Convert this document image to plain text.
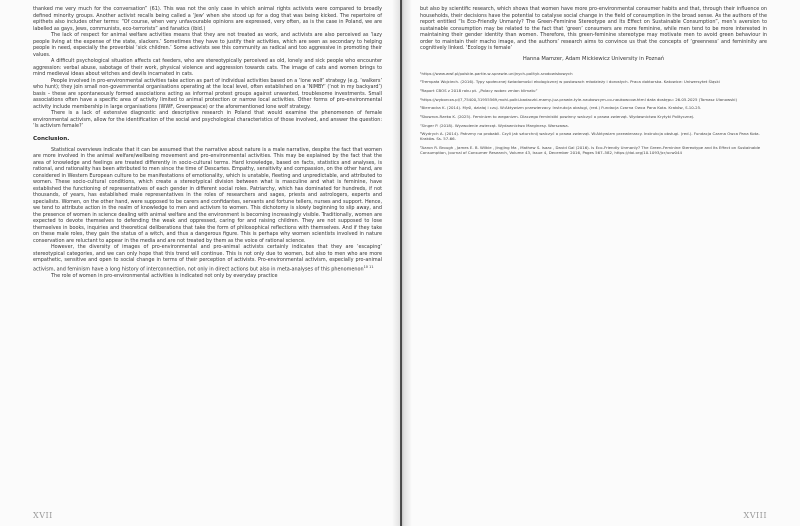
thanked me very much for the conversation” (61). This was not the only case in which animal rights activists were compared to broadly defined minority groups. Another activist recalls being called a ‘Jew’ when she stood up for a dog that was being kicked. The repertoire of epithets also includes other terms: “Of course, when very unfavourable opinions are expressed, very often, as is the case in Poland, we are labelled as gays, Jews, communists, eco-terrorists” and fanatics (ibid.)

The lack of respect for animal welfare activities means that they are not treated as work, and activists are also perceived as ‘lazy people living at the expense of the state, slackers.’ Sometimes they have to justify their activities, which are seen as secondary to helping people in need, especially the proverbial ‘sick children.’ Some activists see this community as radical and too aggressive in promoting their values.

A difficult psychological situation affects cat feeders, who are stereotypically perceived as old, lonely and sick people who encounter aggression: verbal abuse, sabotage of their work, physical violence and aggression towards cats. The image of cats and women brings to mind medieval ideas about witches and devils incarnated in cats.

People involved in pro-environmental activities take action as part of individual activities based on a ‘lone wolf’ strategy (e.g. ‘walkers’ who hunt); they join small non-governmental organisations operating at the local level, often established on a ‘NIMBY’ (‘not in my backyard’) basis – these are spontaneously formed associations acting as informal protest groups against unwanted, troublesome investments. Small associations often have a specific area of activity limited to animal protection or narrow local activities. Other forms of pro-environmental activity include membership in large organisations (WWF, Greenpeace) or the aforementioned lone wolf strategy.

There is a lack of extensive diagnostic and descriptive research in Poland that would examine the phenomenon of female environmental activism, allow for the identification of the social and psychological characteristics of those involved, and answer the question: ‘Is activism female?’

Conclusion.

Statistical overviews indicate that it can be assumed that the narrative about nature is a male narrative, despite the fact that women are more involved in the animal welfare/wellbeing movement and pro-environmental activities. This may be explained by the fact that the area of knowledge and feelings are treated differently in socio-cultural terms. Hard knowledge, based on facts, statistics and analyses, is rational, and rationality has been attributed to men since the time of Descartes. Empathy, sensitivity and compassion, on the other hand, are considered in Western European culture to be manifestations of emotionality, which is unstable, fleeting and unpredictable, and attributed to women. These socio-cultural conditions, which create a stereotypical division between what is masculine and what is feminine, have established the functioning of representatives of each gender in different social roles. Patriarchy, which has dominated for hundreds, if not thousands, of years, has established male representatives in the roles of researchers and sages, priests and astrologers, experts and specialists. Women, on the other hand, were supposed to be carers and confidantes, servants and fortune tellers, nurses and support. Hence, we tend to attribute action in the realm of knowledge to men and activism to women. This dichotomy is slowly beginning to slip away, and the presence of women in science dealing with animal welfare and the environment is becoming increasingly visible. Traditionally, women are expected to devote themselves to defending the weak and oppressed, caring for and raising children. They are not supposed to lose themselves in books, inquiries and theoretical deliberations that take the form of philosophical reflections with themselves. And if they take on these male roles, they gain the status of a witch, and thus a dangerous figure. This is perhaps why women scientists involved in nature conservation are reluctant to appear in the media and are not treated by them as the voice of rational science.

However, the diversity of images of pro-environmental and pro-animal activists certainly indicates that they are ‘escaping’ stereotypical categories, and we can only hope that this trend will continue. This is not only due to women, but also to men who are more empathetic, sensitive and open to social change in terms of their perception of activists. Pro-environmental activism, especially pro-animal activism, and feminism have a long history of interconnection, not only in direct actions but also in meta-analyses of this phenomenon$^{10 11}$

The role of women in pro-environmental activities is indicated not only by everyday practice

XVII

but also by scientific research, which shows that women have more pro-environmental consumer habits and that, through their influence on households, their decisions have the potential to catalyse social change in the field of consumption in the broad sense. As the authors of the report entitled “Is Eco-Friendly Unmanly? The Green-Feminine Stereotype and Its Effect on Sustainable Consumption”, men’s aversion to sustainable consumption may be related to the fact that ‘green’ consumers are more feminine, while men tend to be more interested in maintaining their gender identity than women. Therefore, this green-feminine stereotype may motivate men to avoid green behaviour in order to maintain their macho image, and the authors’ research aims to convince us that the concepts of ‘greenness’ and femininity are cognitively linked. ‘Ecology is female’

Hanna Mamzer, Adam Mickiewicz University in Poznań
¹https://www.wwf.pl/polskie-partie-w-sprawie-unijnych-polityk-srodowiskowych
²Trempała Wojciech. (2016). Typy społecznej świadomości ekologicznej w postawach młodzieży i dorosłych. Praca doktorska. Katowice: Uniwersytet Śląski
³Raport CBOS z 2018 roku pt. „Polacy wobec zmian klimatu”
⁴https://wyborcza.pl/7,75400,31955569,mohl-polki-badaczki-mamy-juz-prawie-tyle-naukowcym-co-naukowcow.html data dostępu: 26.05.2025 (Tomasz Ulanowski)
⁵Biernacka K. (2014). Myśl, działaj i czuj. W:Aktywizm przewierzacy. Instrukcja obsługi, (red.) Fundacja Czarna Owca Pana Kota. Kraków, S.10-25.
⁶Skowron-Rzeka K. (2025). Feminizm to weganizm. Dlaczego feministki powinny walczyć o prawa zwierząt. Wydawnictwo Krytyki Politycznej.
⁷Singer P. (2018). Wyzwolenie zwierząt. Wydawnictwo Marginesy. Warszawa.
⁸Wydrych A. (2014). Patrzmy na probabli. Czyli jak szturchnij walczyć o prawa zwierząt. W:Aktywizm przewierzacy. Instrukcja obsługi. (red.). Fundacja Czarna Owca Pana Kota. Kraków. Ss. 57-66.
⁹Aaron R. Brough , James E. B. Wilkie , Jingjing Ma , Mathew S. Isaac , David Gal (2016). Is Eco-Friendly Unmanly? The Green-Feminine Stereotype and Its Effect on Sustainable Consumption, Journal of Consumer Research, Volume 43, Issue 4, December 2016, Pages 567–582, https://doi.org/10.1093/jcr/ucw044
XVIII
